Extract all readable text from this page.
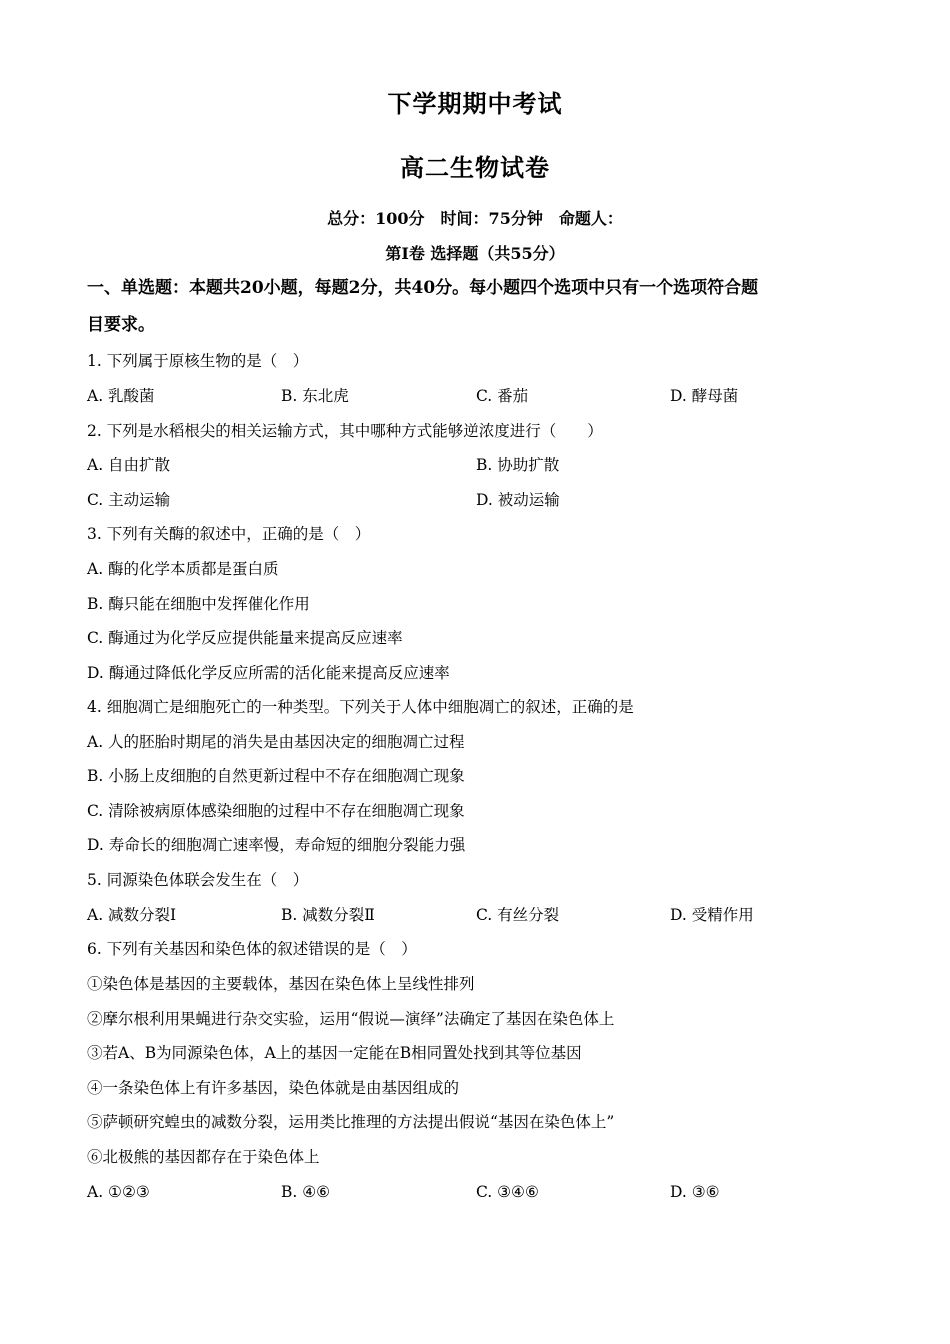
下学期期中考试
高二生物试卷
总分：100分　时间：75分钟　命题人：
第Ⅰ卷 选择题（共55分）
一、单选题：本题共20小题，每题2分，共40分。每小题四个选项中只有一个选项符合题
目要求。
1. 下列属于原核生物的是（　）
A. 乳酸菌	B. 东北虎	C. 番茄	D. 酵母菌
2. 下列是水稻根尖的相关运输方式，其中哪种方式能够逆浓度进行（　　）
A. 自由扩散	B. 协助扩散
C. 主动运输	D. 被动运输
3. 下列有关酶的叙述中，正确的是（　）
A. 酶的化学本质都是蛋白质
B. 酶只能在细胞中发挥催化作用
C. 酶通过为化学反应提供能量来提高反应速率
D. 酶通过降低化学反应所需的活化能来提高反应速率
4. 细胞凋亡是细胞死亡的一种类型。下列关于人体中细胞凋亡的叙述，正确的是
A. 人的胚胎时期尾的消失是由基因决定的细胞凋亡过程
B. 小肠上皮细胞的自然更新过程中不存在细胞凋亡现象
C. 清除被病原体感染细胞的过程中不存在细胞凋亡现象
D. 寿命长的细胞凋亡速率慢，寿命短的细胞分裂能力强
5. 同源染色体联会发生在（　）
A. 减数分裂Ⅰ	B. 减数分裂Ⅱ	C. 有丝分裂	D. 受精作用
6. 下列有关基因和染色体的叙述错误的是（　）
①染色体是基因的主要载体，基因在染色体上呈线性排列
②摩尔根利用果蝇进行杂交实验，运用“假说—演绎”法确定了基因在染色体上
③若A、B为同源染色体，A上的基因一定能在B相同置处找到其等位基因
④一条染色体上有许多基因，染色体就是由基因组成的
⑤萨顿研究蝗虫的减数分裂，运用类比推理的方法提出假说“基因在染色体上”
⑥北极熊的基因都存在于染色体上
A. ①②③	B. ④⑥	C. ③④⑥	D. ③⑥
